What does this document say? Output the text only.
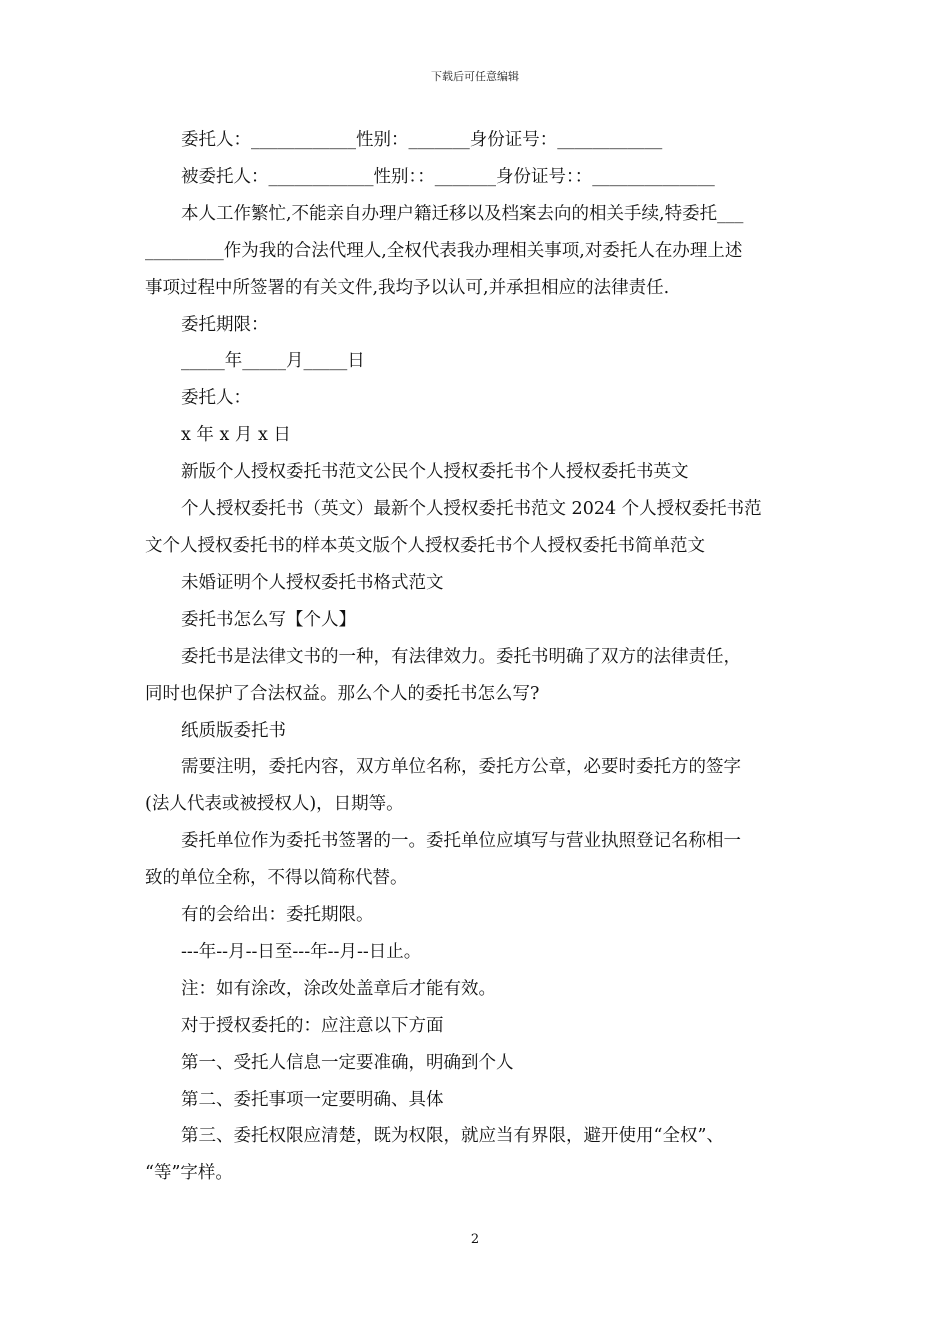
下载后可任意编辑
委托人：____________性别：_______身份证号：____________
被委托人：____________性别：：_______身份证号：：______________
本人工作繁忙,不能亲自办理户籍迁移以及档案去向的相关手续,特委托___
_________作为我的合法代理人,全权代表我办理相关事项,对委托人在办理上述
事项过程中所签署的有关文件,我均予以认可,并承担相应的法律责任.
委托期限：
_____年_____月_____日
委托人：
x 年 x 月 x 日
新版个人授权委托书范文公民个人授权委托书个人授权委托书英文
个人授权委托书（英文）最新个人授权委托书范文 2024 个人授权委托书范
文个人授权委托书的样本英文版个人授权委托书个人授权委托书简单范文
未婚证明个人授权委托书格式范文
委托书怎么写【个人】
委托书是法律文书的一种，有法律效力。委托书明确了双方的法律责任，
同时也保护了合法权益。那么个人的委托书怎么写?
纸质版委托书
需要注明，委托内容，双方单位名称，委托方公章，必要时委托方的签字
(法人代表或被授权人)，日期等。
委托单位作为委托书签署的一。委托单位应填写与营业执照登记名称相一
致的单位全称，不得以简称代替。
有的会给出：委托期限。
---年--月--日至---年--月--日止。
注：如有涂改，涂改处盖章后才能有效。
对于授权委托的：应注意以下方面
第一、受托人信息一定要准确，明确到个人
第二、委托事项一定要明确、具体
第三、委托权限应清楚，既为权限，就应当有界限，避开使用“全权”、
“等”字样。
2
